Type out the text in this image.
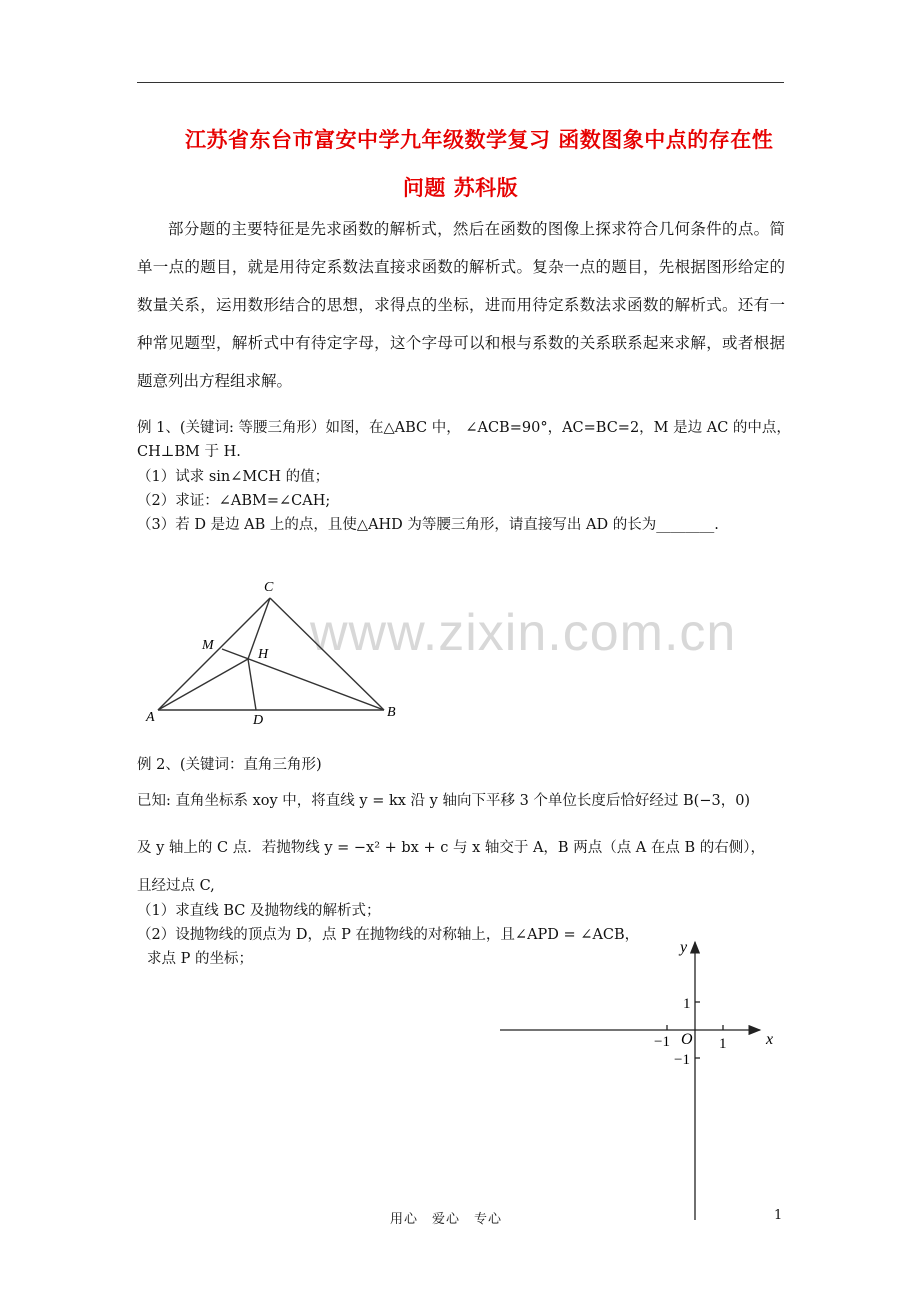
江苏省东台市富安中学九年级数学复习 函数图象中点的存在性
问题 苏科版
部分题的主要特征是先求函数的解析式，然后在函数的图像上探求符合几何条件的点。简单一点的题目，就是用待定系数法直接求函数的解析式。复杂一点的题目，先根据图形给定的数量关系，运用数形结合的思想，求得点的坐标，进而用待定系数法求函数的解析式。还有一种常见题型，解析式中有待定字母，这个字母可以和根与系数的关系联系起来求解，或者根据题意列出方程组求解。
例 1、(关键词: 等腰三角形）如图，在△ABC 中， ∠ACB=90°，AC=BC=2，M 是边 AC 的中点，
CH⊥BM 于 H.
（1）试求 sin∠MCH 的值；
（2）求证：∠ABM=∠CAH;
（3）若 D 是边 AB 上的点，且使△AHD 为等腰三角形，请直接写出 AD 的长为________.
www.zixin.com.cn
C
M
H
A	D
B
例 2、(关键词：直角三角形)
已知: 直角坐标系 xoy 中，将直线 y = kx 沿 y 轴向下平移 3 个单位长度后恰好经过 B(−3，0)
及 y 轴上的 C 点．若抛物线 y = −x² + bx + c 与 x 轴交于 A，B 两点（点 A 在点 B 的右侧），
且经过点 C,
（1）求直线 BC 及抛物线的解析式；
（2）设抛物线的顶点为 D，点 P 在抛物线的对称轴上，且∠APD = ∠ACB，
求点 P 的坐标；
y
x
O
−1	1
1
−1
用心　爱心　专心	1
